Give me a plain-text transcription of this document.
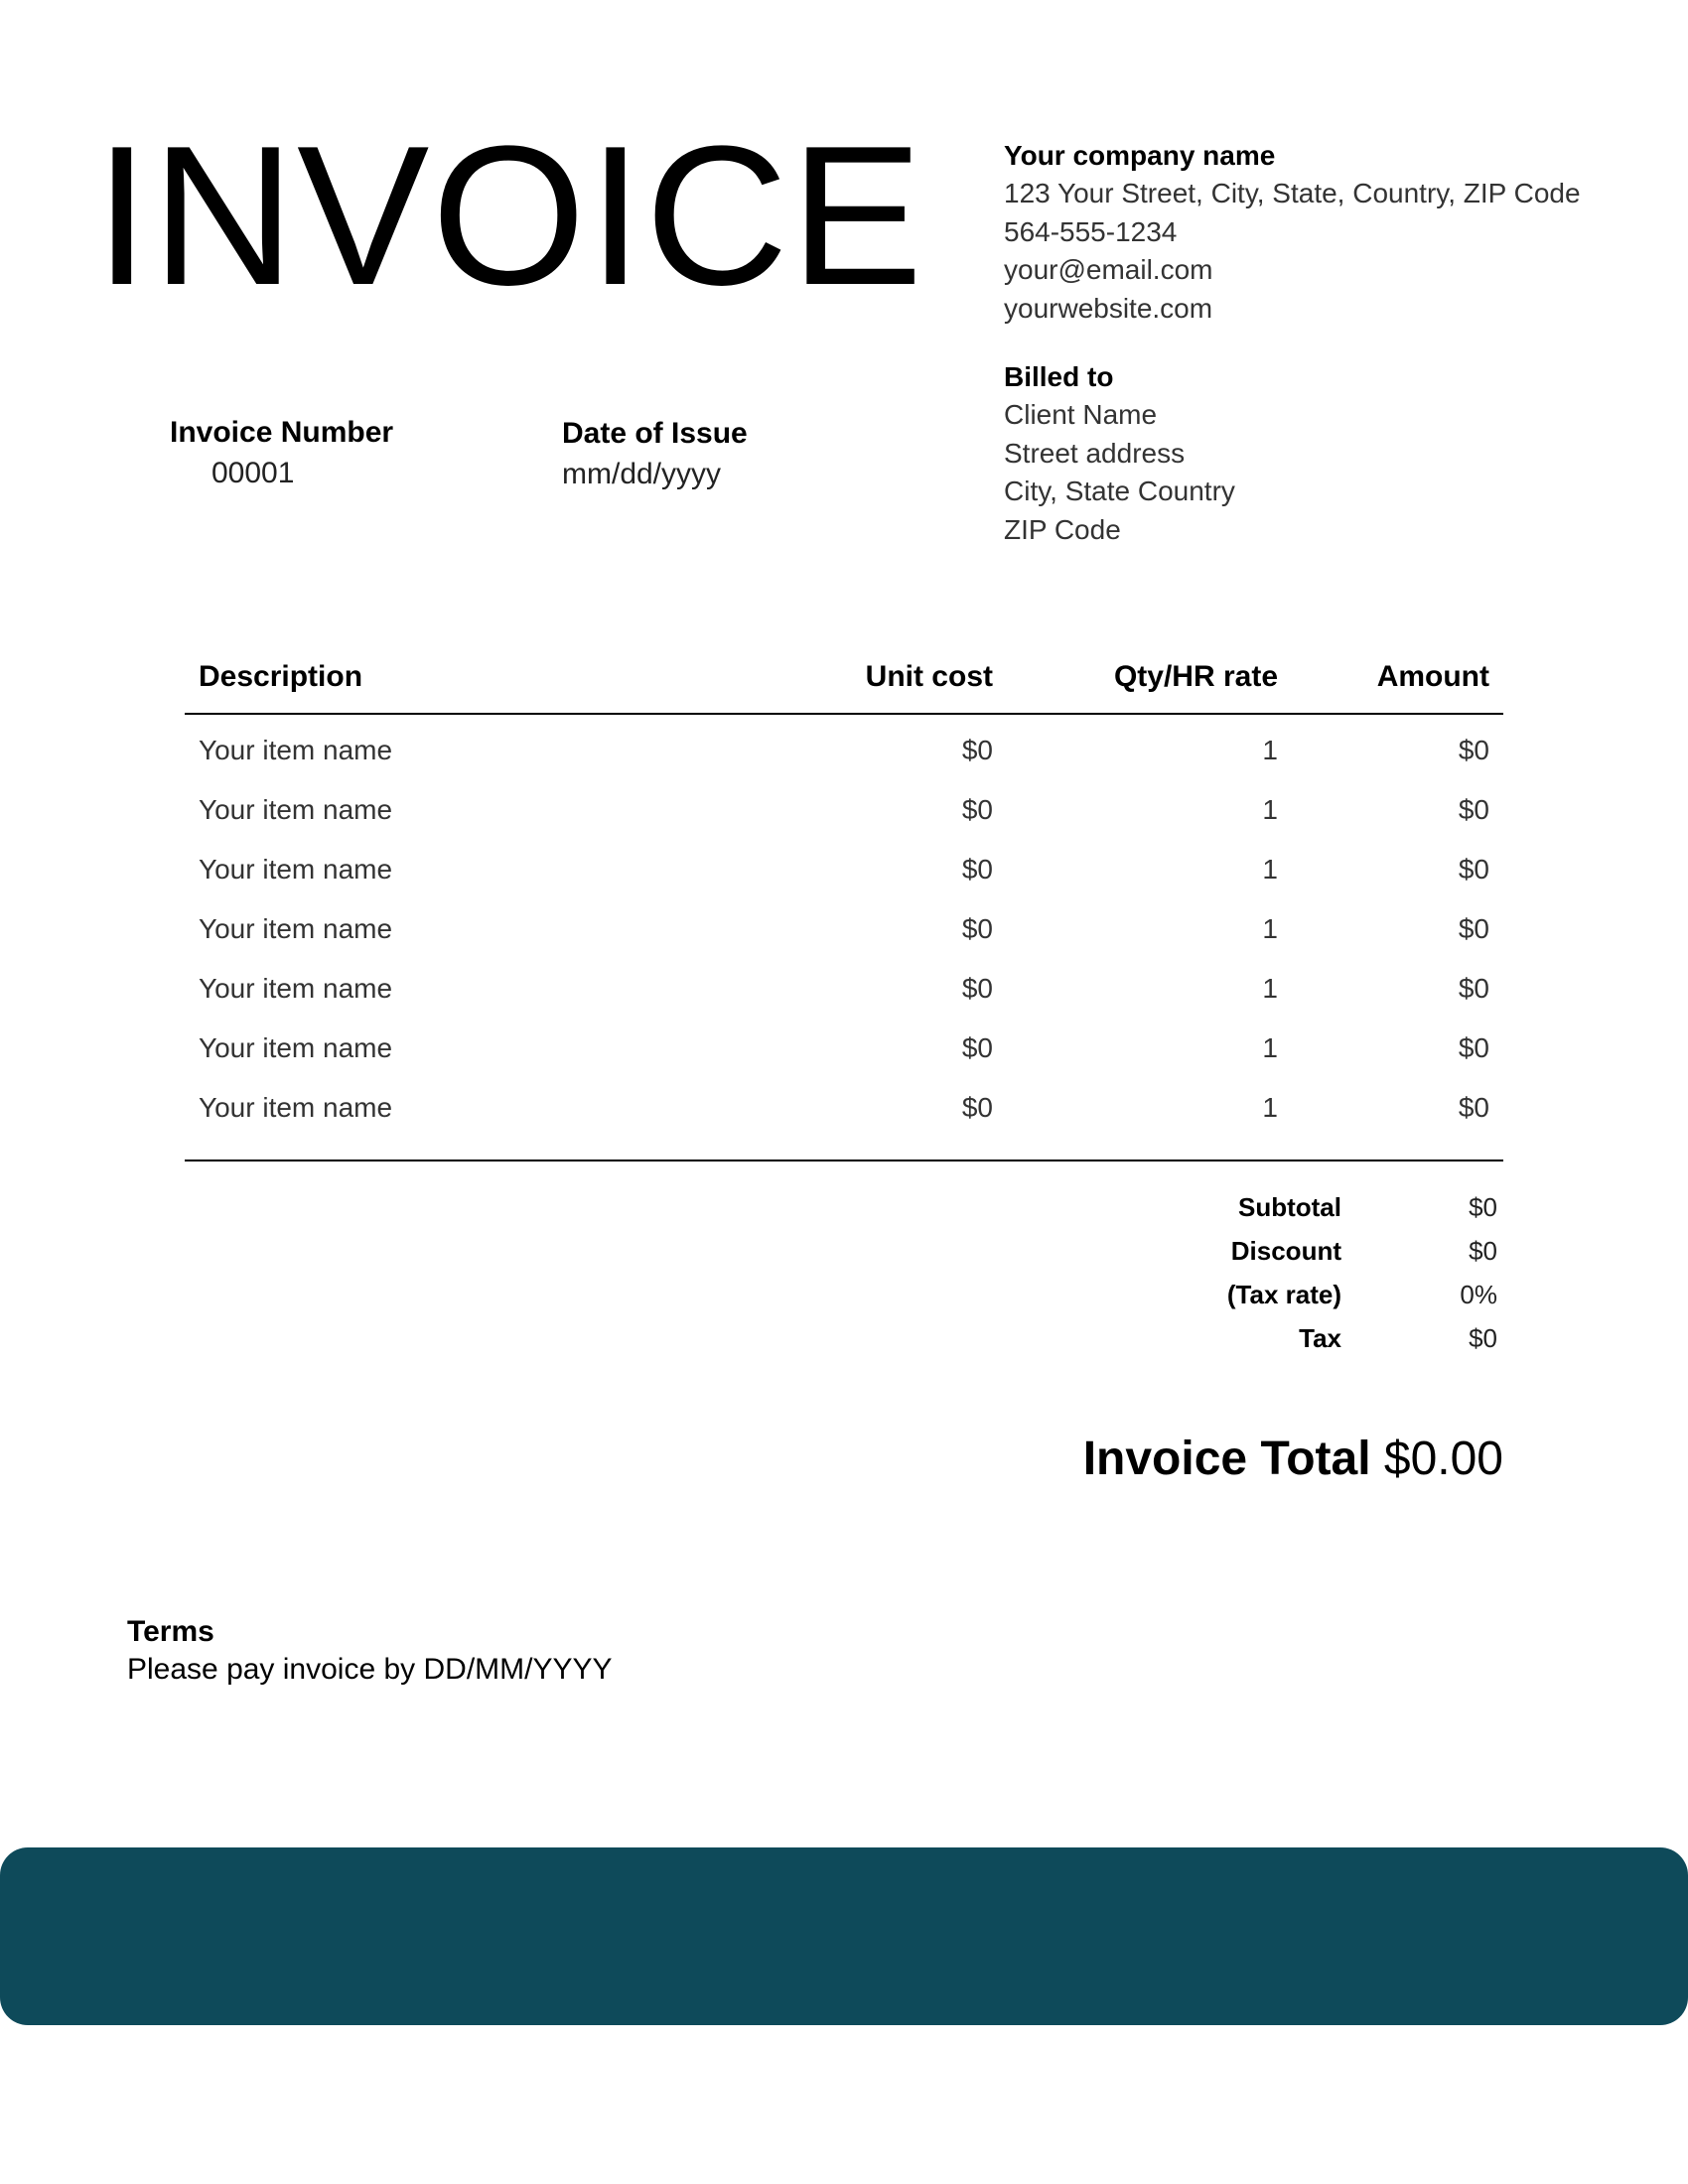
INVOICE	Your company name
123 Your Street, City, State, Country, ZIP Code
564-555-1234
your@email.com
yourwebsite.com
Billed to
Client Name
Street address
City, State Country
ZIP Code
Invoice Number
00001
Date of Issue
mm/dd/yyyy
Description	Unit cost	Qty/HR rate	Amount
Your item name	$0	1	$0
Your item name	$0	1	$0
Your item name	$0	1	$0
Your item name	$0	1	$0
Your item name	$0	1	$0
Your item name	$0	1	$0
Your item name	$0	1	$0
Subtotal	$0
Discount	$0
(Tax rate)	0%
Tax	$0
Invoice Total $0.00
Terms
Please pay invoice by DD/MM/YYYY
